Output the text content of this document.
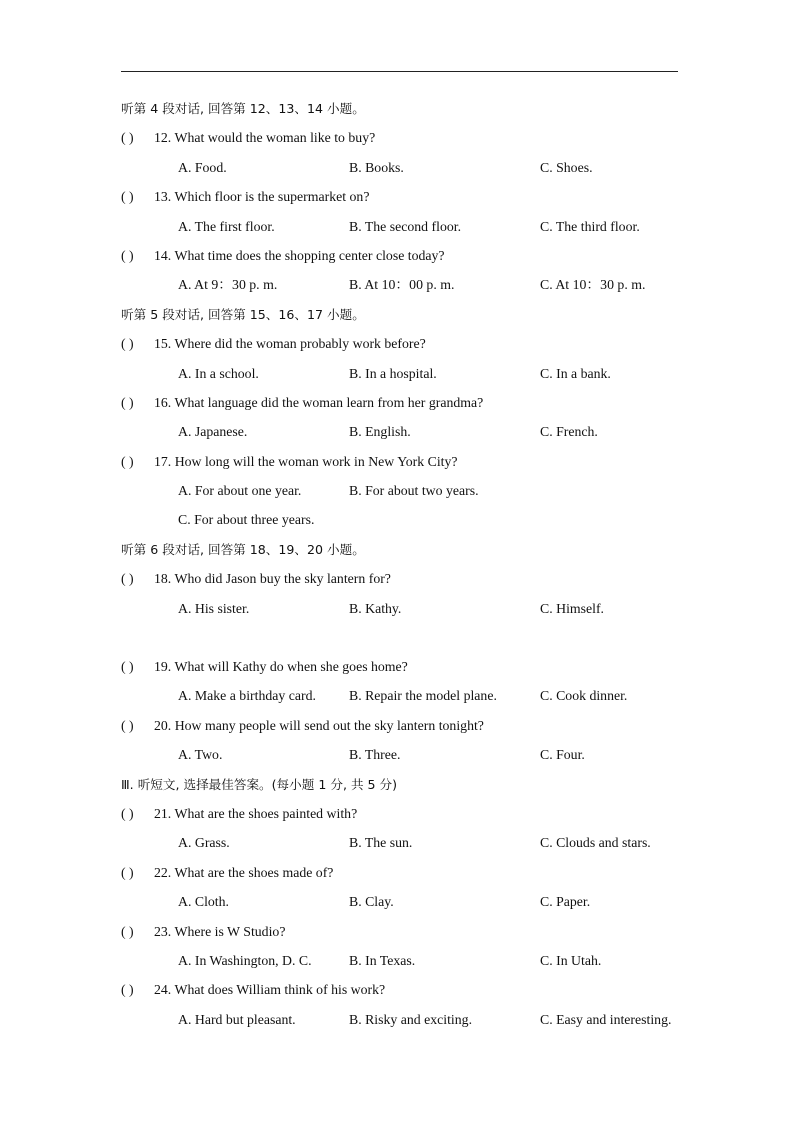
听第 4 段对话, 回答第 12、13、14 小题。
( ) 12. What would the woman like to buy?
A. Food.	B. Books.	C. Shoes.
( ) 13. Which floor is the supermarket on?
A. The first floor.	B. The second floor.	C. The third floor.
( ) 14. What time does the shopping center close today?
A. At 9：30 p. m.	B. At 10：00 p. m.	C. At 10：30 p. m.
听第 5 段对话, 回答第 15、16、17 小题。
( ) 15. Where did the woman probably work before?
A. In a school.	B. In a hospital.	C. In a bank.
( ) 16. What language did the woman learn from her grandma?
A. Japanese.	B. English.	C. French.
( ) 17. How long will the woman work in New York City?
A. For about one year.	B. For about two years.
C. For about three years.
听第 6 段对话, 回答第 18、19、20 小题。
( ) 18. Who did Jason buy the sky lantern for?
A. His sister.	B. Kathy.	C. Himself.
( ) 19. What will Kathy do when she goes home?
A. Make a birthday card. B. Repair the model plane.	C. Cook dinner.
( ) 20. How many people will send out the sky lantern tonight?
A. Two.	B. Three.	C. Four.
Ⅲ. 听短文, 选择最佳答案。(每小题 1 分, 共 5 分)
( ) 21. What are the shoes painted with?
A. Grass.	B. The sun.	C. Clouds and stars.
( ) 22. What are the shoes made of?
A. Cloth.	B. Clay.	C. Paper.
( ) 23. Where is W Studio?
A. In Washington, D. C.	B. In Texas.	C. In Utah.
( ) 24. What does William think of his work?
A. Hard but pleasant.	B. Risky and exciting.	C. Easy and interesting.
